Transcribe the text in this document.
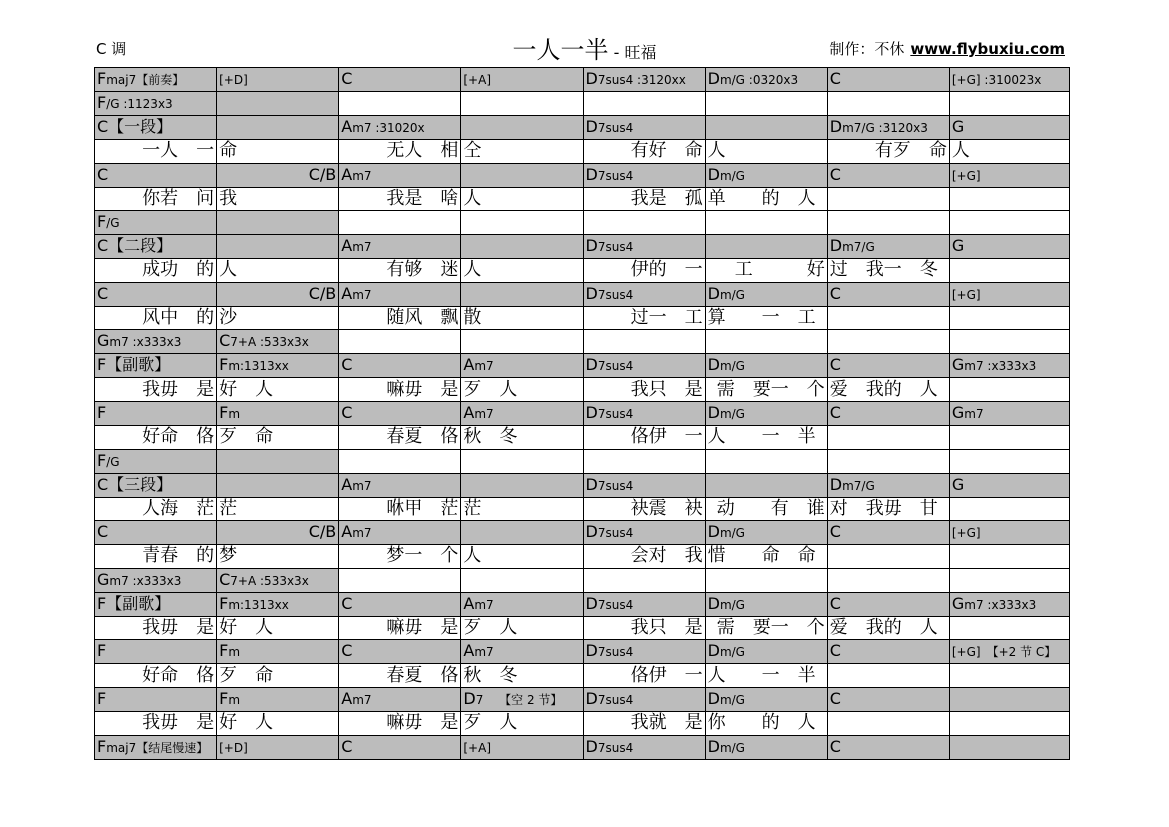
C 调	一人一半 - 旺福	制作：不休 www.flybuxiu.com
Fmaj7【前奏】	[+D]	C	[+A]	D7sus4 :3120xx	Dm/G :0320x3	C	[+G] :310023x
F/G :1123x3							
C【一段】		Am7 :31020x		D7sus4		Dm7/G :3120x3	G
一人　一	命	无人　相	仝	有好　命	人	有歹　命	人
C	C/B	Am7		D7sus4	Dm/G	C	[+G]
你若　问	我	我是　啥	人	我是　孤	单　　的　人		
F/G							
C【二段】		Am7		D7sus4		Dm7/G	G
成功　的	人	有够　迷	人	伊的　一	工　　　好	过　我一　冬	
C	C/B	Am7		D7sus4	Dm/G	C	[+G]
风中　的	沙	随风　飘	散	过一　工	算　　一　工		
Gm7 :x333x3	C7+A :533x3x						
F【副歌】	Fm:1313xx	C	Am7	D7sus4	Dm/G	C	Gm7 :x333x3
我毋　是	好　人	嘛毋　是	歹　人	我只　是	需　要一　个	爱　我的　人	
F	Fm	C	Am7	D7sus4	Dm/G	C	Gm7
好命　佫	歹　命	春夏　佫	秋　冬	佫伊　一	人　　一　半		
F/G							
C【三段】		Am7		D7sus4		Dm7/G	G
人海　茫	茫	咻甲　茫	茫	袂震　袂	动　　有　谁	对　我毋　甘	
C	C/B	Am7		D7sus4	Dm/G	C	[+G]
青春　的	梦	梦一　个	人	会对　我	惜　　命　命		
Gm7 :x333x3	C7+A :533x3x						
F【副歌】	Fm:1313xx	C	Am7	D7sus4	Dm/G	C	Gm7 :x333x3
我毋　是	好　人	嘛毋　是	歹　人	我只　是	需　要一　个	爱　我的　人	
F	Fm	C	Am7	D7sus4	Dm/G	C	[+G]　【+2 节 C】
好命　佫	歹　命	春夏　佫	秋　冬	佫伊　一	人　　一　半		
F	Fm	Am7	D7　 【空 2 节】	D7sus4	Dm/G	C	
我毋　是	好　人	嘛毋　是	歹　人	我就　是	你　　的　人		
Fmaj7【结尾慢速】	[+D]	C	[+A]	D7sus4	Dm/G	C	
